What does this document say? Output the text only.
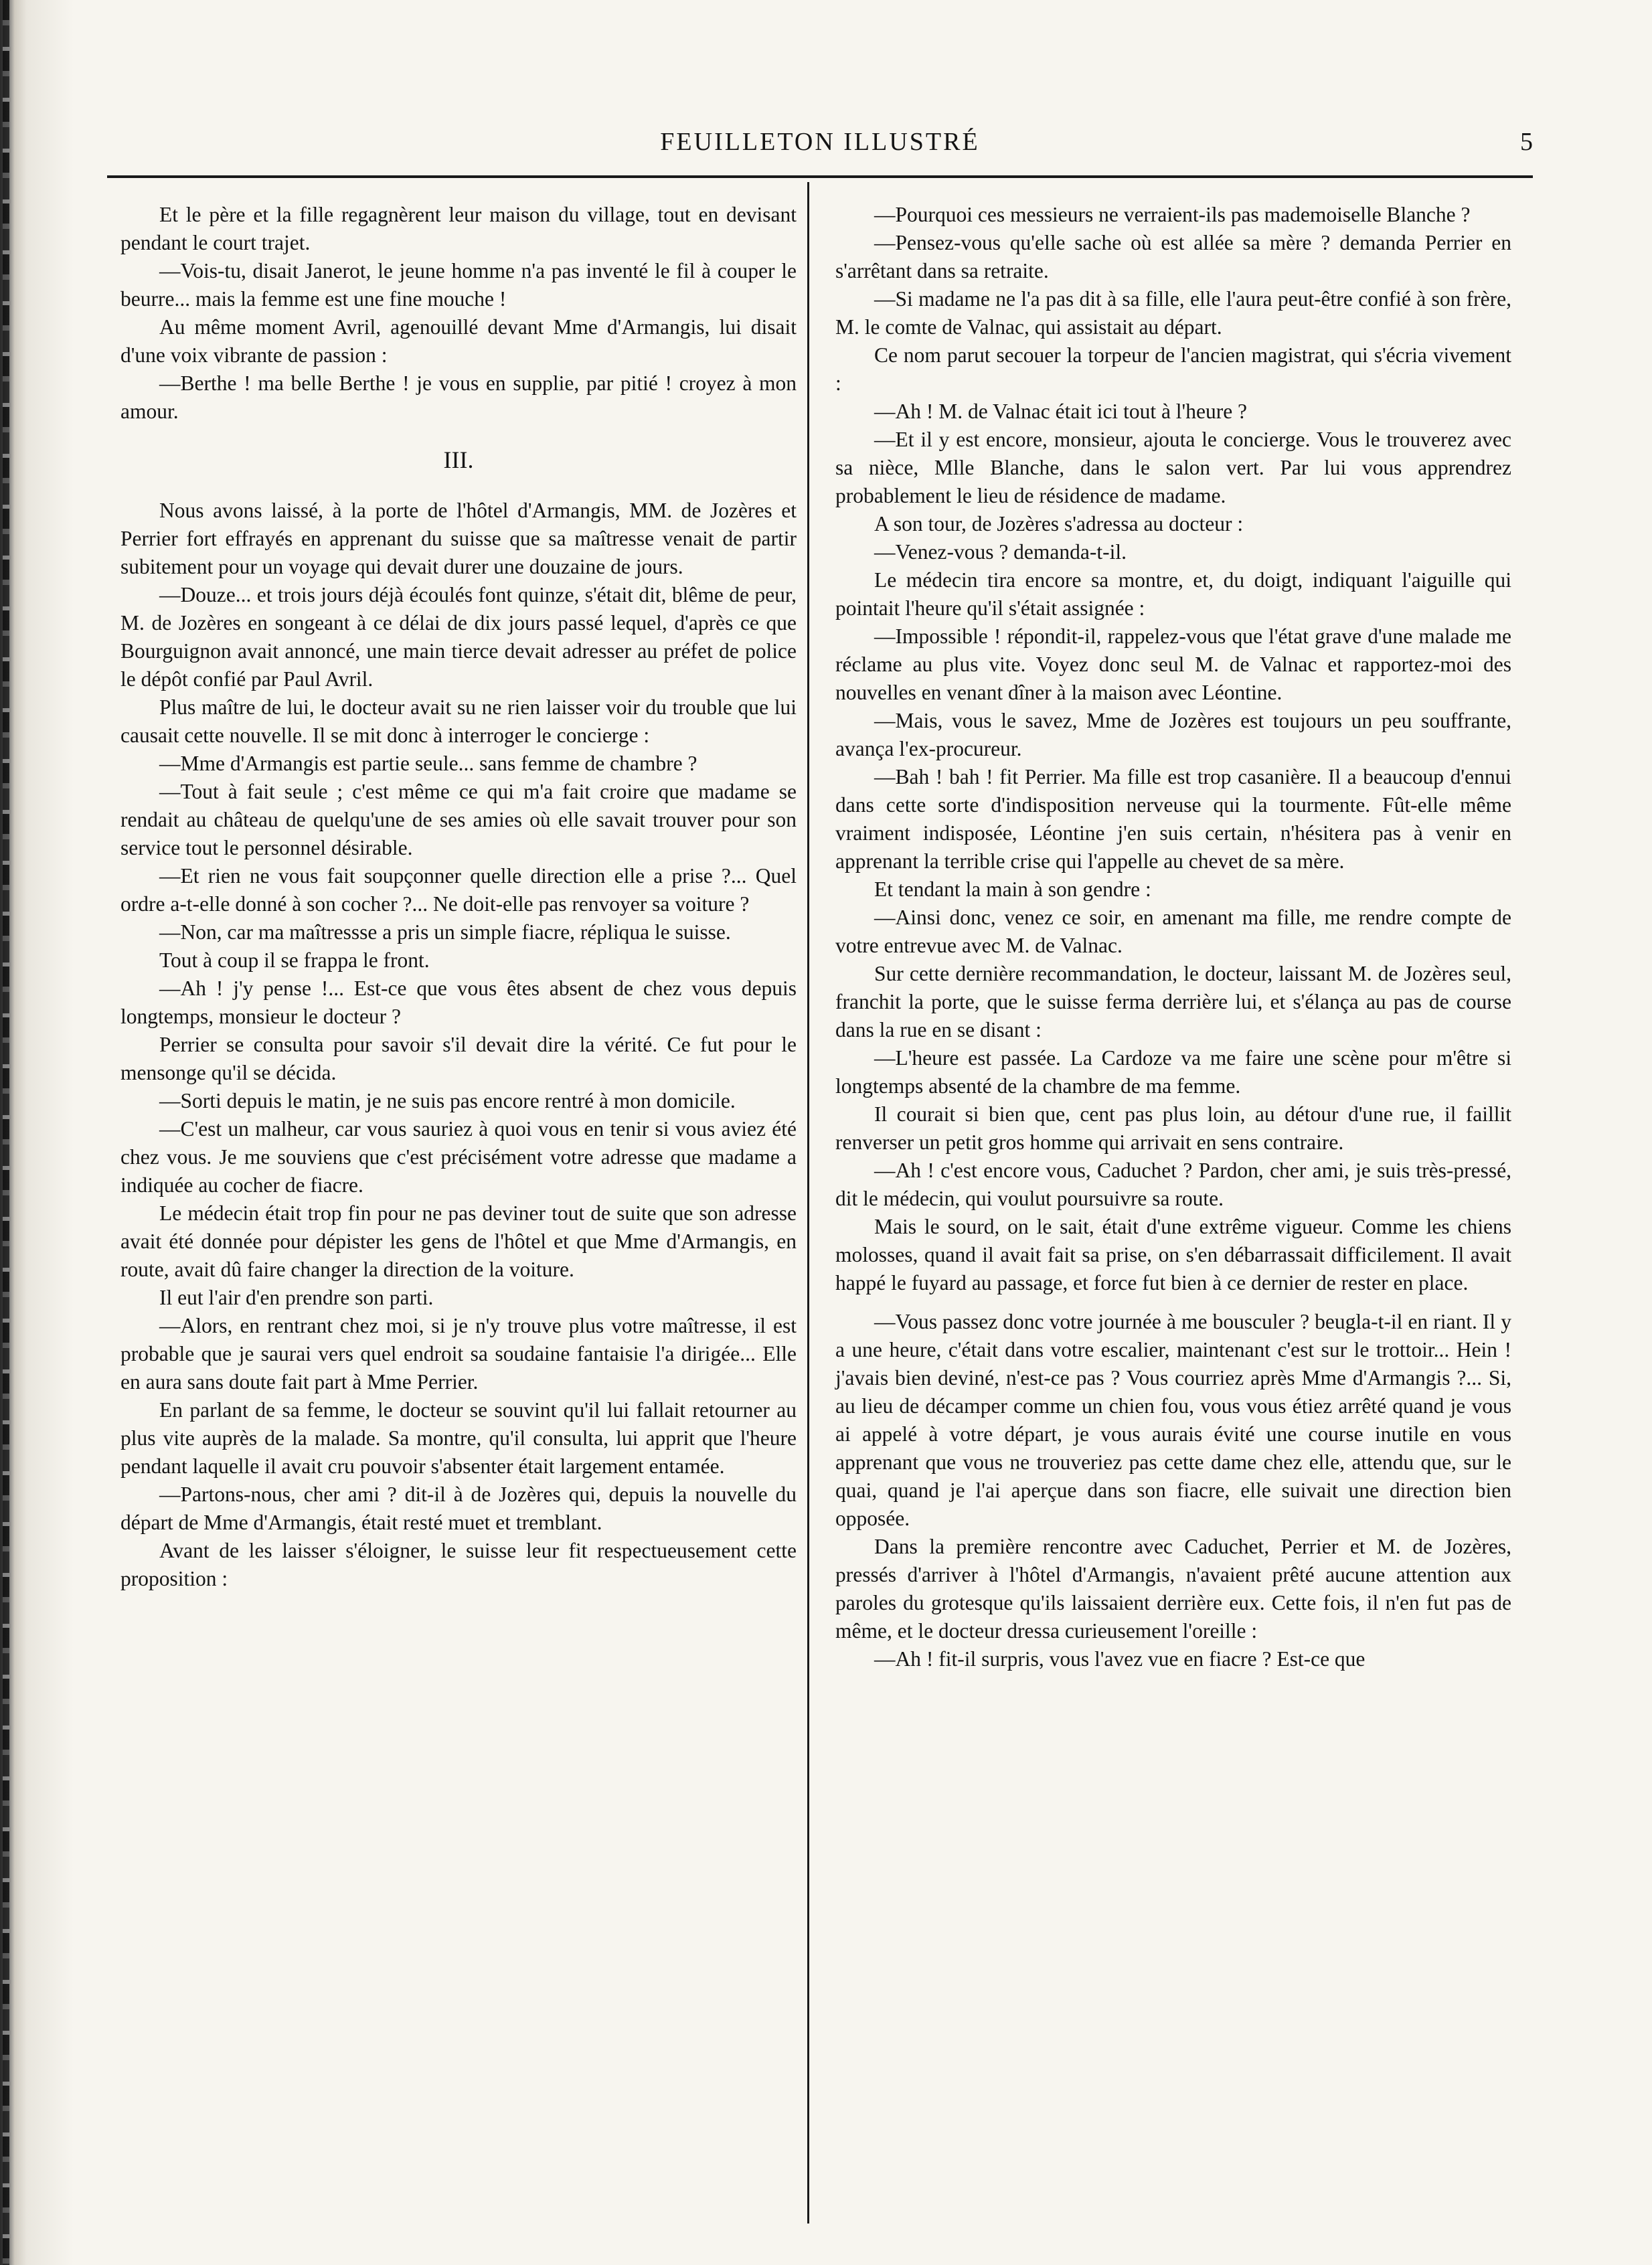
FEUILLETON ILLUSTRÉ	5

Et le père et la fille regagnèrent leur maison du village, tout en devisant pendant le court trajet.

—Vois-tu, disait Janerot, le jeune homme n'a pas inventé le fil à couper le beurre... mais la femme est une fine mouche !

Au même moment Avril, agenouillé devant Mme d'Armangis, lui disait d'une voix vibrante de passion :

—Berthe ! ma belle Berthe ! je vous en supplie, par pitié ! croyez à mon amour.

III.

Nous avons laissé, à la porte de l'hôtel d'Armangis, MM. de Jozères et Perrier fort effrayés en apprenant du suisse que sa maîtresse venait de partir subitement pour un voyage qui devait durer une douzaine de jours.

—Douze... et trois jours déjà écoulés font quinze, s'était dit, blême de peur, M. de Jozères en songeant à ce délai de dix jours passé lequel, d'après ce que Bourguignon avait annoncé, une main tierce devait adresser au préfet de police le dépôt confié par Paul Avril.

Plus maître de lui, le docteur avait su ne rien laisser voir du trouble que lui causait cette nouvelle. Il se mit donc à interroger le concierge :

—Mme d'Armangis est partie seule... sans femme de chambre ?

—Tout à fait seule ; c'est même ce qui m'a fait croire que madame se rendait au château de quelqu'une de ses amies où elle savait trouver pour son service tout le personnel désirable.

—Et rien ne vous fait soupçonner quelle direction elle a prise ?... Quel ordre a-t-elle donné à son cocher ?... Ne doit-elle pas renvoyer sa voiture ?

—Non, car ma maîtressse a pris un simple fiacre, répliqua le suisse.

Tout à coup il se frappa le front.

—Ah ! j'y pense !... Est-ce que vous êtes absent de chez vous depuis longtemps, monsieur le docteur ?

Perrier se consulta pour savoir s'il devait dire la vérité. Ce fut pour le mensonge qu'il se décida.

—Sorti depuis le matin, je ne suis pas encore rentré à mon domicile.

—C'est un malheur, car vous sauriez à quoi vous en tenir si vous aviez été chez vous. Je me souviens que c'est précisément votre adresse que madame a indiquée au cocher de fiacre.

Le médecin était trop fin pour ne pas deviner tout de suite que son adresse avait été donnée pour dépister les gens de l'hôtel et que Mme d'Armangis, en route, avait dû faire changer la direction de la voiture.

Il eut l'air d'en prendre son parti.

—Alors, en rentrant chez moi, si je n'y trouve plus votre maîtresse, il est probable que je saurai vers quel endroit sa soudaine fantaisie l'a dirigée... Elle en aura sans doute fait part à Mme Perrier.

En parlant de sa femme, le docteur se souvint qu'il lui fallait retourner au plus vite auprès de la malade. Sa montre, qu'il consulta, lui apprit que l'heure pendant laquelle il avait cru pouvoir s'absenter était largement entamée.

—Partons-nous, cher ami ? dit-il à de Jozères qui, depuis la nouvelle du départ de Mme d'Armangis, était resté muet et tremblant.

Avant de les laisser s'éloigner, le suisse leur fit respectueusement cette proposition :

—Pourquoi ces messieurs ne verraient-ils pas mademoiselle Blanche ?

—Pensez-vous qu'elle sache où est allée sa mère ? demanda Perrier en s'arrêtant dans sa retraite.

—Si madame ne l'a pas dit à sa fille, elle l'aura peut-être confié à son frère, M. le comte de Valnac, qui assistait au départ.

Ce nom parut secouer la torpeur de l'ancien magistrat, qui s'écria vivement :

—Ah ! M. de Valnac était ici tout à l'heure ?

—Et il y est encore, monsieur, ajouta le concierge. Vous le trouverez avec sa nièce, Mlle Blanche, dans le salon vert. Par lui vous apprendrez probablement le lieu de résidence de madame.

A son tour, de Jozères s'adressa au docteur :

—Venez-vous ? demanda-t-il.

Le médecin tira encore sa montre, et, du doigt, indiquant l'aiguille qui pointait l'heure qu'il s'était assignée :

—Impossible ! répondit-il, rappelez-vous que l'état grave d'une malade me réclame au plus vite. Voyez donc seul M. de Valnac et rapportez-moi des nouvelles en venant dîner à la maison avec Léontine.

—Mais, vous le savez, Mme de Jozères est toujours un peu souffrante, avança l'ex-procureur.

—Bah ! bah ! fit Perrier. Ma fille est trop casanière. Il a beaucoup d'ennui dans cette sorte d'indisposition nerveuse qui la tourmente. Fût-elle même vraiment indisposée, Léontine j'en suis certain, n'hésitera pas à venir en apprenant la terrible crise qui l'appelle au chevet de sa mère.

Et tendant la main à son gendre :

—Ainsi donc, venez ce soir, en amenant ma fille, me rendre compte de votre entrevue avec M. de Valnac.

Sur cette dernière recommandation, le docteur, laissant M. de Jozères seul, franchit la porte, que le suisse ferma derrière lui, et s'élança au pas de course dans la rue en se disant :

—L'heure est passée. La Cardoze va me faire une scène pour m'être si longtemps absenté de la chambre de ma femme.

Il courait si bien que, cent pas plus loin, au détour d'une rue, il faillit renverser un petit gros homme qui arrivait en sens contraire.

—Ah ! c'est encore vous, Caduchet ? Pardon, cher ami, je suis très-pressé, dit le médecin, qui voulut poursuivre sa route.

Mais le sourd, on le sait, était d'une extrême vigueur. Comme les chiens molosses, quand il avait fait sa prise, on s'en débarrassait difficilement. Il avait happé le fuyard au passage, et force fut bien à ce dernier de rester en place.

—Vous passez donc votre journée à me bousculer ? beugla-t-il en riant. Il y a une heure, c'était dans votre escalier, maintenant c'est sur le trottoir... Hein ! j'avais bien deviné, n'est-ce pas ? Vous courriez après Mme d'Armangis ?... Si, au lieu de décamper comme un chien fou, vous vous étiez arrêté quand je vous ai appelé à votre départ, je vous aurais évité une course inutile en vous apprenant que vous ne trouveriez pas cette dame chez elle, attendu que, sur le quai, quand je l'ai aperçue dans son fiacre, elle suivait une direction bien opposée.

Dans la première rencontre avec Caduchet, Perrier et M. de Jozères, pressés d'arriver à l'hôtel d'Armangis, n'avaient prêté aucune attention aux paroles du grotesque qu'ils laissaient derrière eux. Cette fois, il n'en fut pas de même, et le docteur dressa curieusement l'oreille :

—Ah ! fit-il surpris, vous l'avez vue en fiacre ? Est-ce que
